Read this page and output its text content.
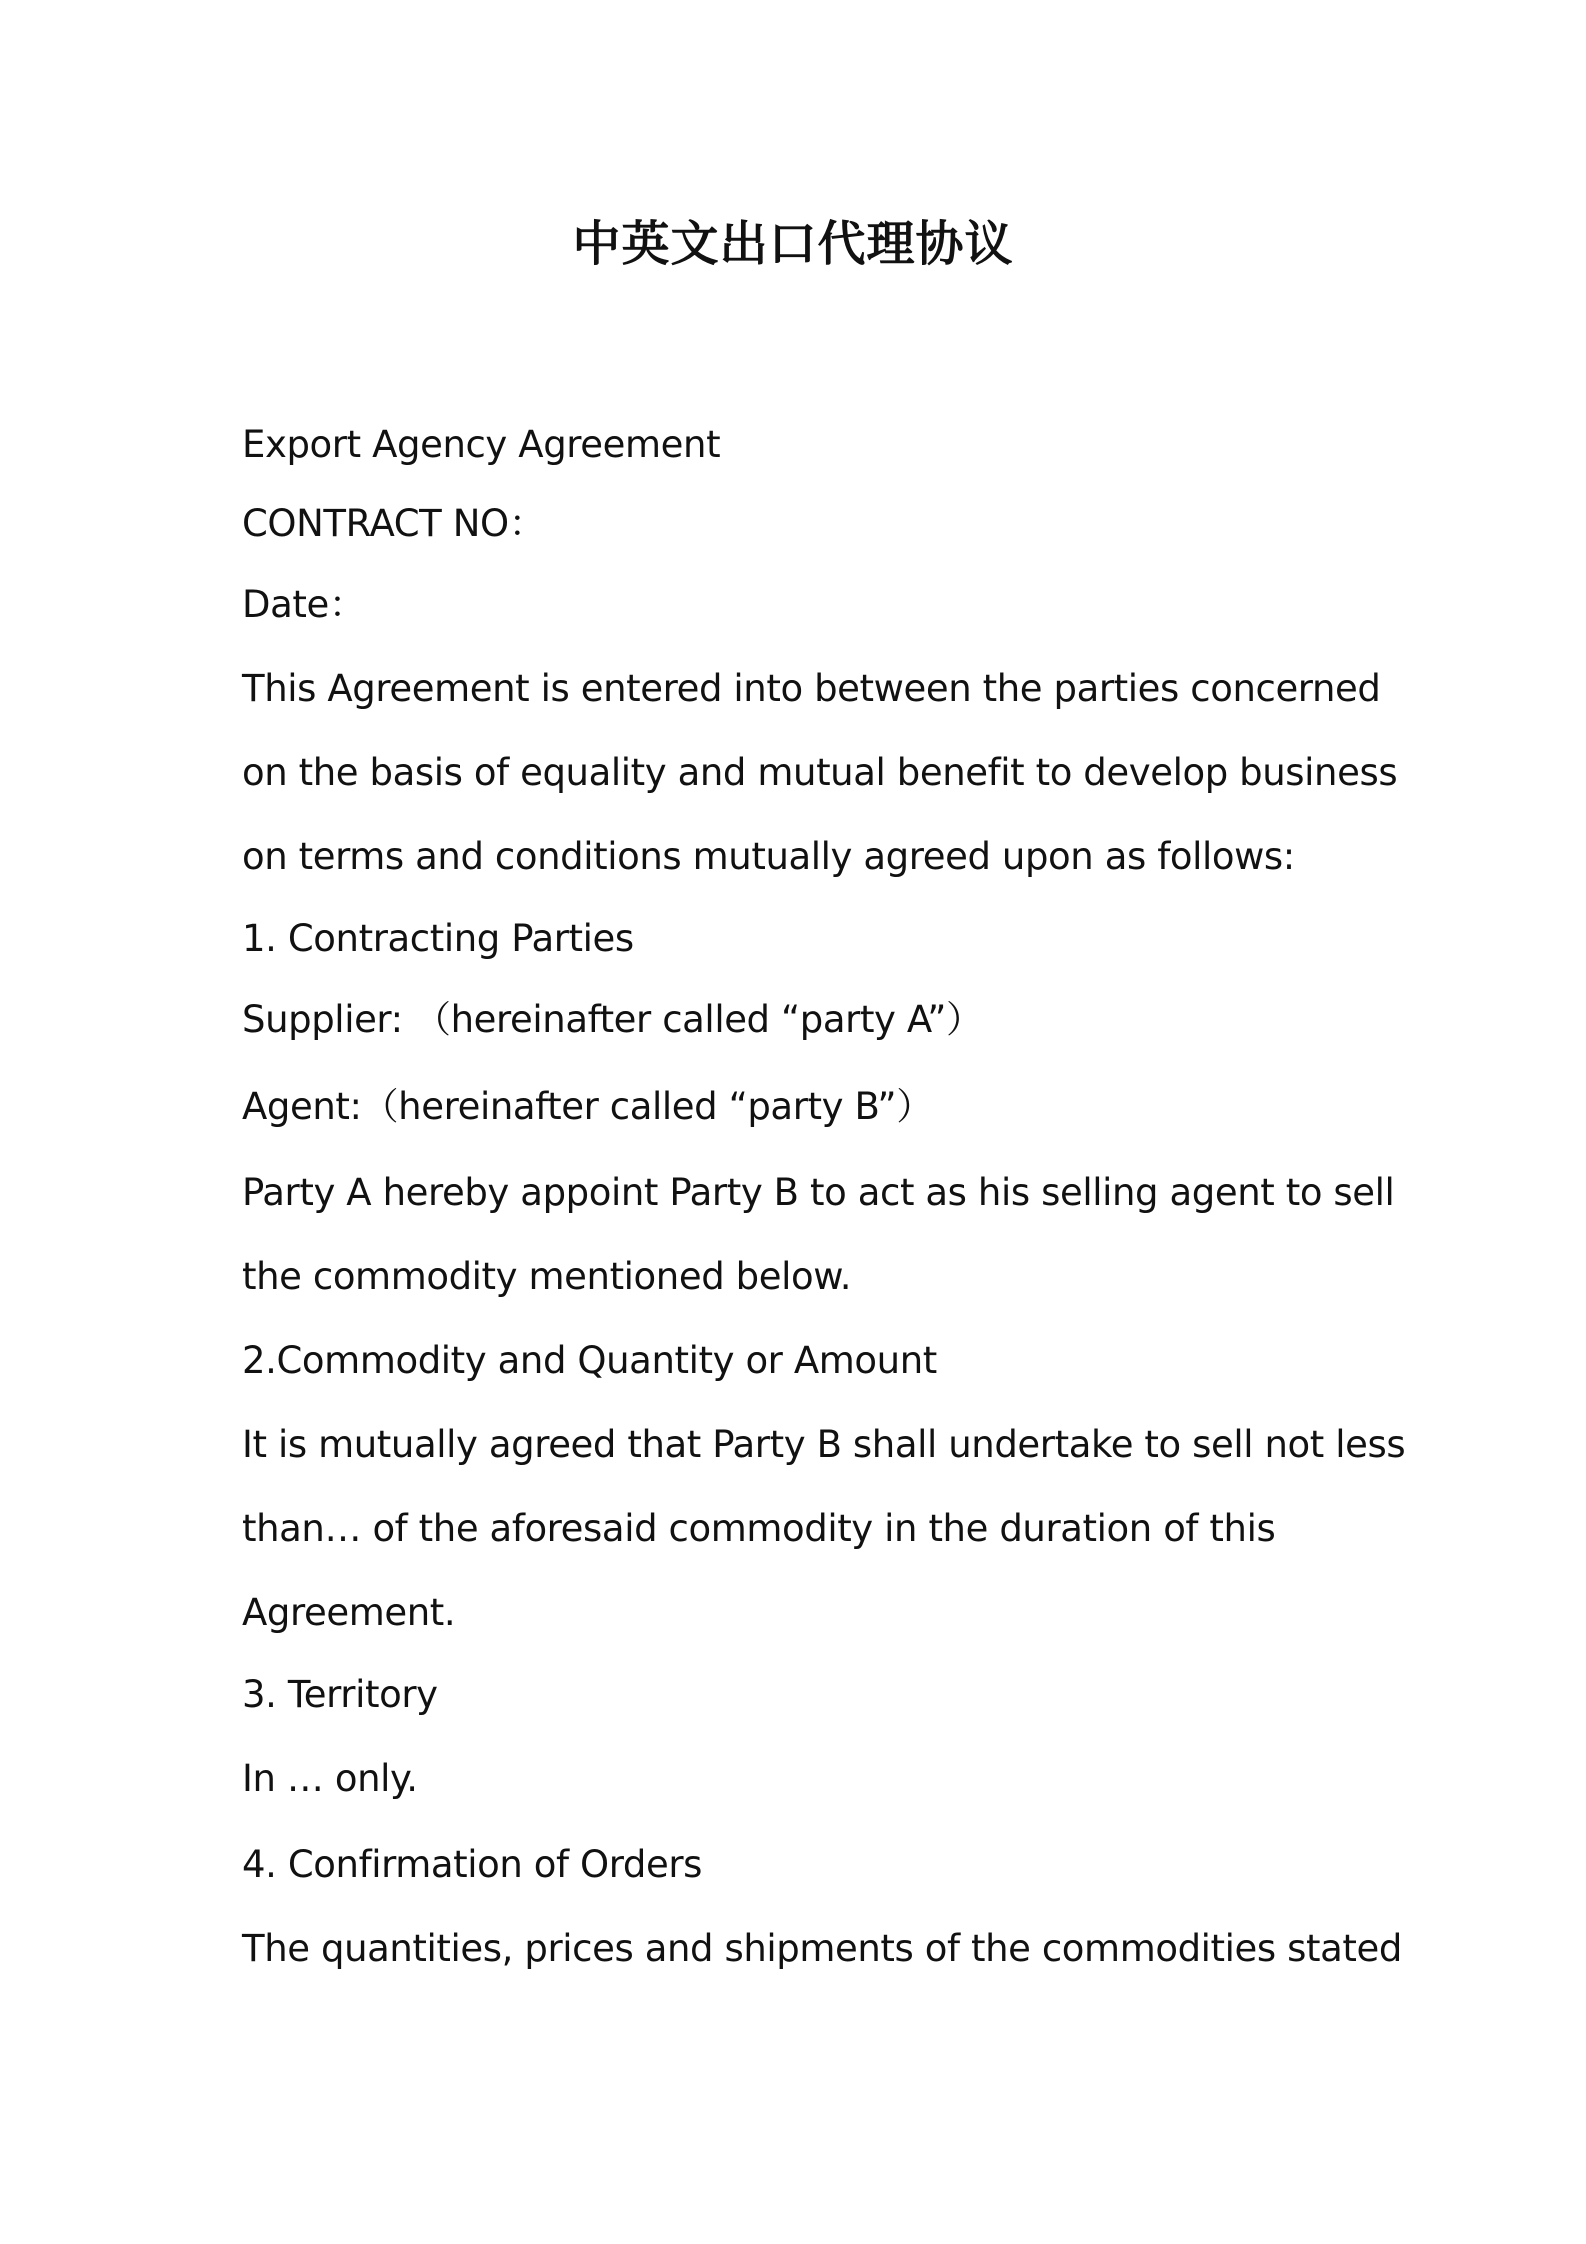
中英文出口代理协议
Export Agency Agreement
CONTRACT NO：
Date：
This Agreement is entered into between the parties concerned
on the basis of equality and mutual benefit to develop business
on terms and conditions mutually agreed upon as follows:
1. Contracting Parties
Supplier: （hereinafter called “party A”）
Agent:（hereinafter called “party B”）
Party A hereby appoint Party B to act as his selling agent to sell
the commodity mentioned below.
2.Commodity and Quantity or Amount
It is mutually agreed that Party B shall undertake to sell not less
than… of the aforesaid commodity in the duration of this
Agreement.
3. Territory
In … only.
4. Confirmation of Orders
The quantities, prices and shipments of the commodities stated
